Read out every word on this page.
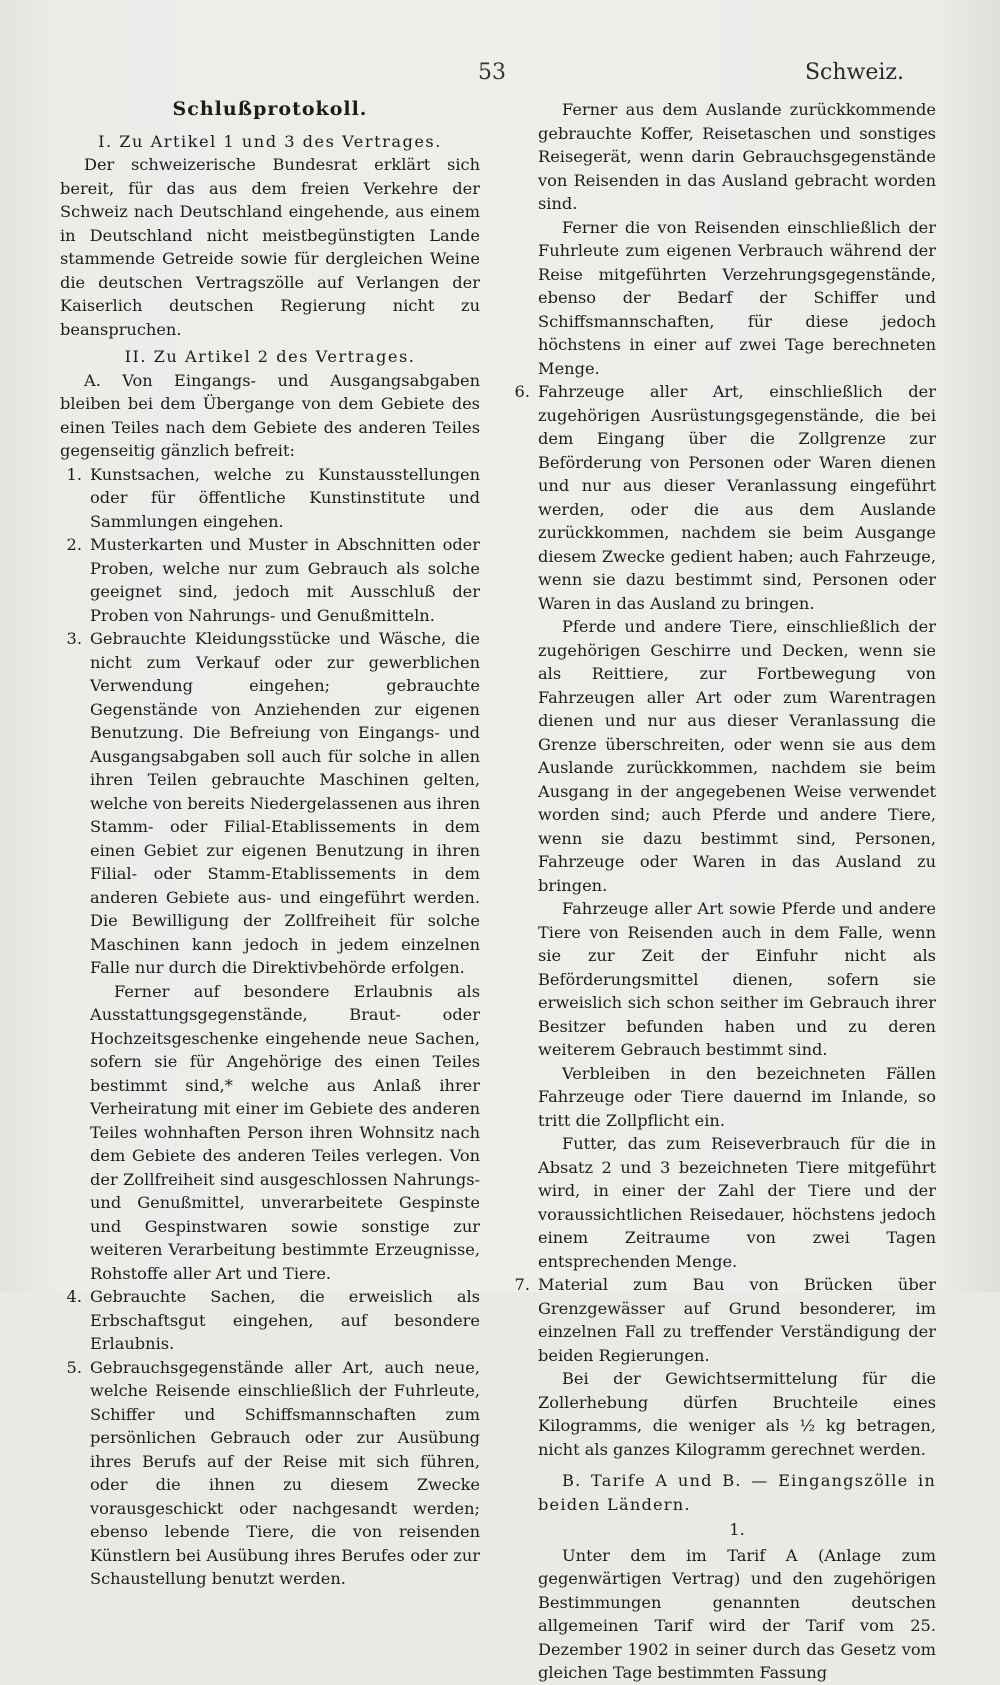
53	Schweiz.

Schlußprotokoll.

I. Zu Artikel 1 und 3 des Vertrages.

Der schweizerische Bundesrat erklärt sich bereit, für das aus dem freien Verkehre der Schweiz nach Deutschland eingehende, aus einem in Deutschland nicht meistbegünstigten Lande stammende Getreide sowie für dergleichen Weine die deutschen Vertragszölle auf Verlangen der Kaiserlich deutschen Regierung nicht zu beanspruchen.

II. Zu Artikel 2 des Vertrages.

A. Von Eingangs- und Ausgangsabgaben bleiben bei dem Übergange von dem Gebiete des einen Teiles nach dem Gebiete des anderen Teiles gegenseitig gänzlich befreit:

1. Kunstsachen, welche zu Kunstausstellungen oder für öffentliche Kunstinstitute und Sammlungen eingehen.
2. Musterkarten und Muster in Abschnitten oder Proben, welche nur zum Gebrauch als solche geeignet sind, jedoch mit Ausschluß der Proben von Nahrungs- und Genußmitteln.
3. Gebrauchte Kleidungsstücke und Wäsche, die nicht zum Verkauf oder zur gewerblichen Verwendung eingehen; gebrauchte Gegenstände von Anziehenden zur eigenen Benutzung. Die Befreiung von Eingangs- und Ausgangsabgaben soll auch für solche in allen ihren Teilen gebrauchte Maschinen gelten, welche von bereits Niedergelassenen aus ihren Stamm- oder Filial-Etablissements in dem einen Gebiet zur eigenen Benutzung in ihren Filial- oder Stamm-Etablissements in dem anderen Gebiete aus- und eingeführt werden. Die Bewilligung der Zollfreiheit für solche Maschinen kann jedoch in jedem einzelnen Falle nur durch die Direktivbehörde erfolgen.
Ferner auf besondere Erlaubnis als Ausstattungsgegenstände, Braut- oder Hochzeitsgeschenke eingehende neue Sachen, sofern sie für Angehörige des einen Teiles bestimmt sind,* welche aus Anlaß ihrer Verheiratung mit einer im Gebiete des anderen Teiles wohnhaften Person ihren Wohnsitz nach dem Gebiete des anderen Teiles verlegen. Von der Zollfreiheit sind ausgeschlossen Nahrungs- und Genußmittel, unverarbeitete Gespinste und Gespinstwaren sowie sonstige zur weiteren Verarbeitung bestimmte Erzeugnisse, Rohstoffe aller Art und Tiere.
4. Gebrauchte Sachen, die erweislich als Erbschaftsgut eingehen, auf besondere Erlaubnis.
5. Gebrauchsgegenstände aller Art, auch neue, welche Reisende einschließlich der Fuhrleute, Schiffer und Schiffsmannschaften zum persönlichen Gebrauch oder zur Ausübung ihres Berufs auf der Reise mit sich führen, oder die ihnen zu diesem Zwecke vorausgeschickt oder nachgesandt werden; ebenso lebende Tiere, die von reisenden Künstlern bei Ausübung ihres Berufes oder zur Schaustellung benutzt werden.

Ferner aus dem Auslande zurückkommende gebrauchte Koffer, Reisetaschen und sonstiges Reisegerät, wenn darin Gebrauchsgegenstände von Reisenden in das Ausland gebracht worden sind.

Ferner die von Reisenden einschließlich der Fuhrleute zum eigenen Verbrauch während der Reise mitgeführten Verzehrungsgegenstände, ebenso der Bedarf der Schiffer und Schiffsmannschaften, für diese jedoch höchstens in einer auf zwei Tage berechneten Menge.

6. Fahrzeuge aller Art, einschließlich der zugehörigen Ausrüstungsgegenstände, die bei dem Eingang über die Zollgrenze zur Beförderung von Personen oder Waren dienen und nur aus dieser Veranlassung eingeführt werden, oder die aus dem Auslande zurückkommen, nachdem sie beim Ausgange diesem Zwecke gedient haben; auch Fahrzeuge, wenn sie dazu bestimmt sind, Personen oder Waren in das Ausland zu bringen.

Pferde und andere Tiere, einschließlich der zugehörigen Geschirre und Decken, wenn sie als Reittiere, zur Fortbewegung von Fahrzeugen aller Art oder zum Warentragen dienen und nur aus dieser Veranlassung die Grenze überschreiten, oder wenn sie aus dem Auslande zurückkommen, nachdem sie beim Ausgang in der angegebenen Weise verwendet worden sind; auch Pferde und andere Tiere, wenn sie dazu bestimmt sind, Personen, Fahrzeuge oder Waren in das Ausland zu bringen.

Fahrzeuge aller Art sowie Pferde und andere Tiere von Reisenden auch in dem Falle, wenn sie zur Zeit der Einfuhr nicht als Beförderungsmittel dienen, sofern sie erweislich sich schon seither im Gebrauch ihrer Besitzer befunden haben und zu deren weiterem Gebrauch bestimmt sind.

Verbleiben in den bezeichneten Fällen Fahrzeuge oder Tiere dauernd im Inlande, so tritt die Zollpflicht ein.

Futter, das zum Reiseverbrauch für die in Absatz 2 und 3 bezeichneten Tiere mitgeführt wird, in einer der Zahl der Tiere und der voraussichtlichen Reisedauer, höchstens jedoch einem Zeitraume von zwei Tagen entsprechenden Menge.

7. Material zum Bau von Brücken über Grenzgewässer auf Grund besonderer, im einzelnen Fall zu treffender Verständigung der beiden Regierungen.

Bei der Gewichtsermittelung für die Zollerhebung dürfen Bruchteile eines Kilogramms, die weniger als ½ kg betragen, nicht als ganzes Kilogramm gerechnet werden.

B. Tarife A und B. — Eingangszölle in beiden Ländern.

1.

Unter dem im Tarif A (Anlage zum gegenwärtigen Vertrag) und den zugehörigen Bestimmungen genannten deutschen allgemeinen Tarif wird der Tarif vom 25. Dezember 1902 in seiner durch das Gesetz vom gleichen Tage bestimmten Fassung
